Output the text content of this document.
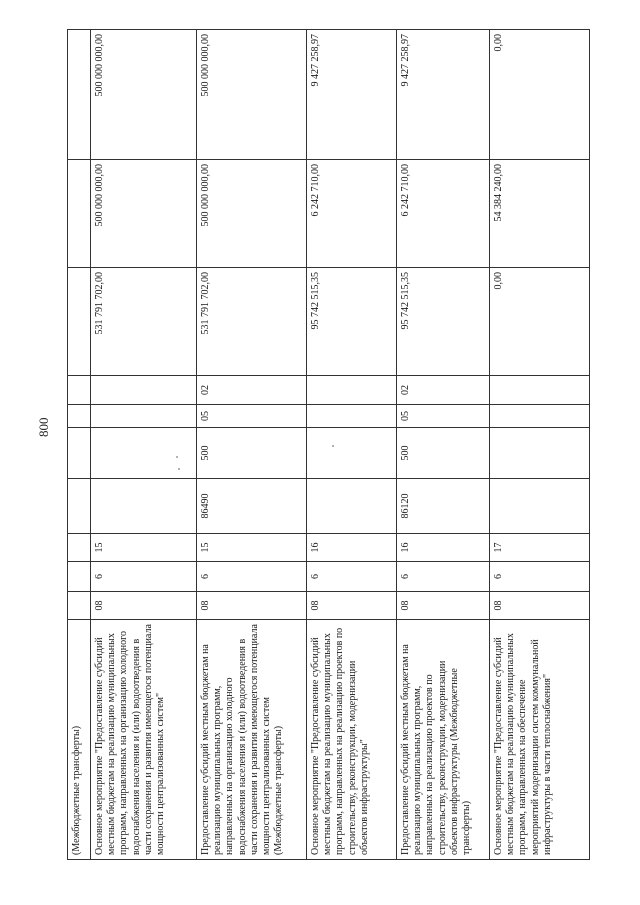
800
(Межбюджетные трансферты)										
Основное мероприятие "Предоставление субсидий местным бюджетам на реализацию муниципальных программ, направленных на организацию холодного водоснабжения населения и (или) водоотведения в части сохранения и развития имеющегося потенциала мощности централизованных систем"	08	6	15					531 791 702,00	500 000 000,00	500 000 000,00
Предоставление субсидий местным бюджетам на реализацию муниципальных программ, направленных на организацию холодного водоснабжения населения и (или) водоотведения в части сохранения и развития имеющегося потенциала мощности централизованных систем (Межбюджетные трансферты)	08	6	15	86490	500	05	02	531 791 702,00	500 000 000,00	500 000 000,00
Основное мероприятие "Предоставление субсидий местным бюджетам на реализацию муниципальных программ, направленных на реализацию проектов по строительству, реконструкции, модернизации объектов инфраструктуры"	08	6	16					95 742 515,35	6 242 710,00	9 427 258,97
Предоставление субсидий местным бюджетам на реализацию муниципальных программ, направленных на реализацию проектов по строительству, реконструкции, модернизации объектов инфраструктуры (Межбюджетные трансферты)	08	6	16	86120	500	05	02	95 742 515,35	6 242 710,00	9 427 258,97
Основное мероприятие "Предоставление субсидий местным бюджетам на реализацию муниципальных программ, направленных на обеспечение мероприятий модернизации систем коммунальной инфраструктуры в части теплоснабжения"	08	6	17					0,00	54 384 240,00	0,00
